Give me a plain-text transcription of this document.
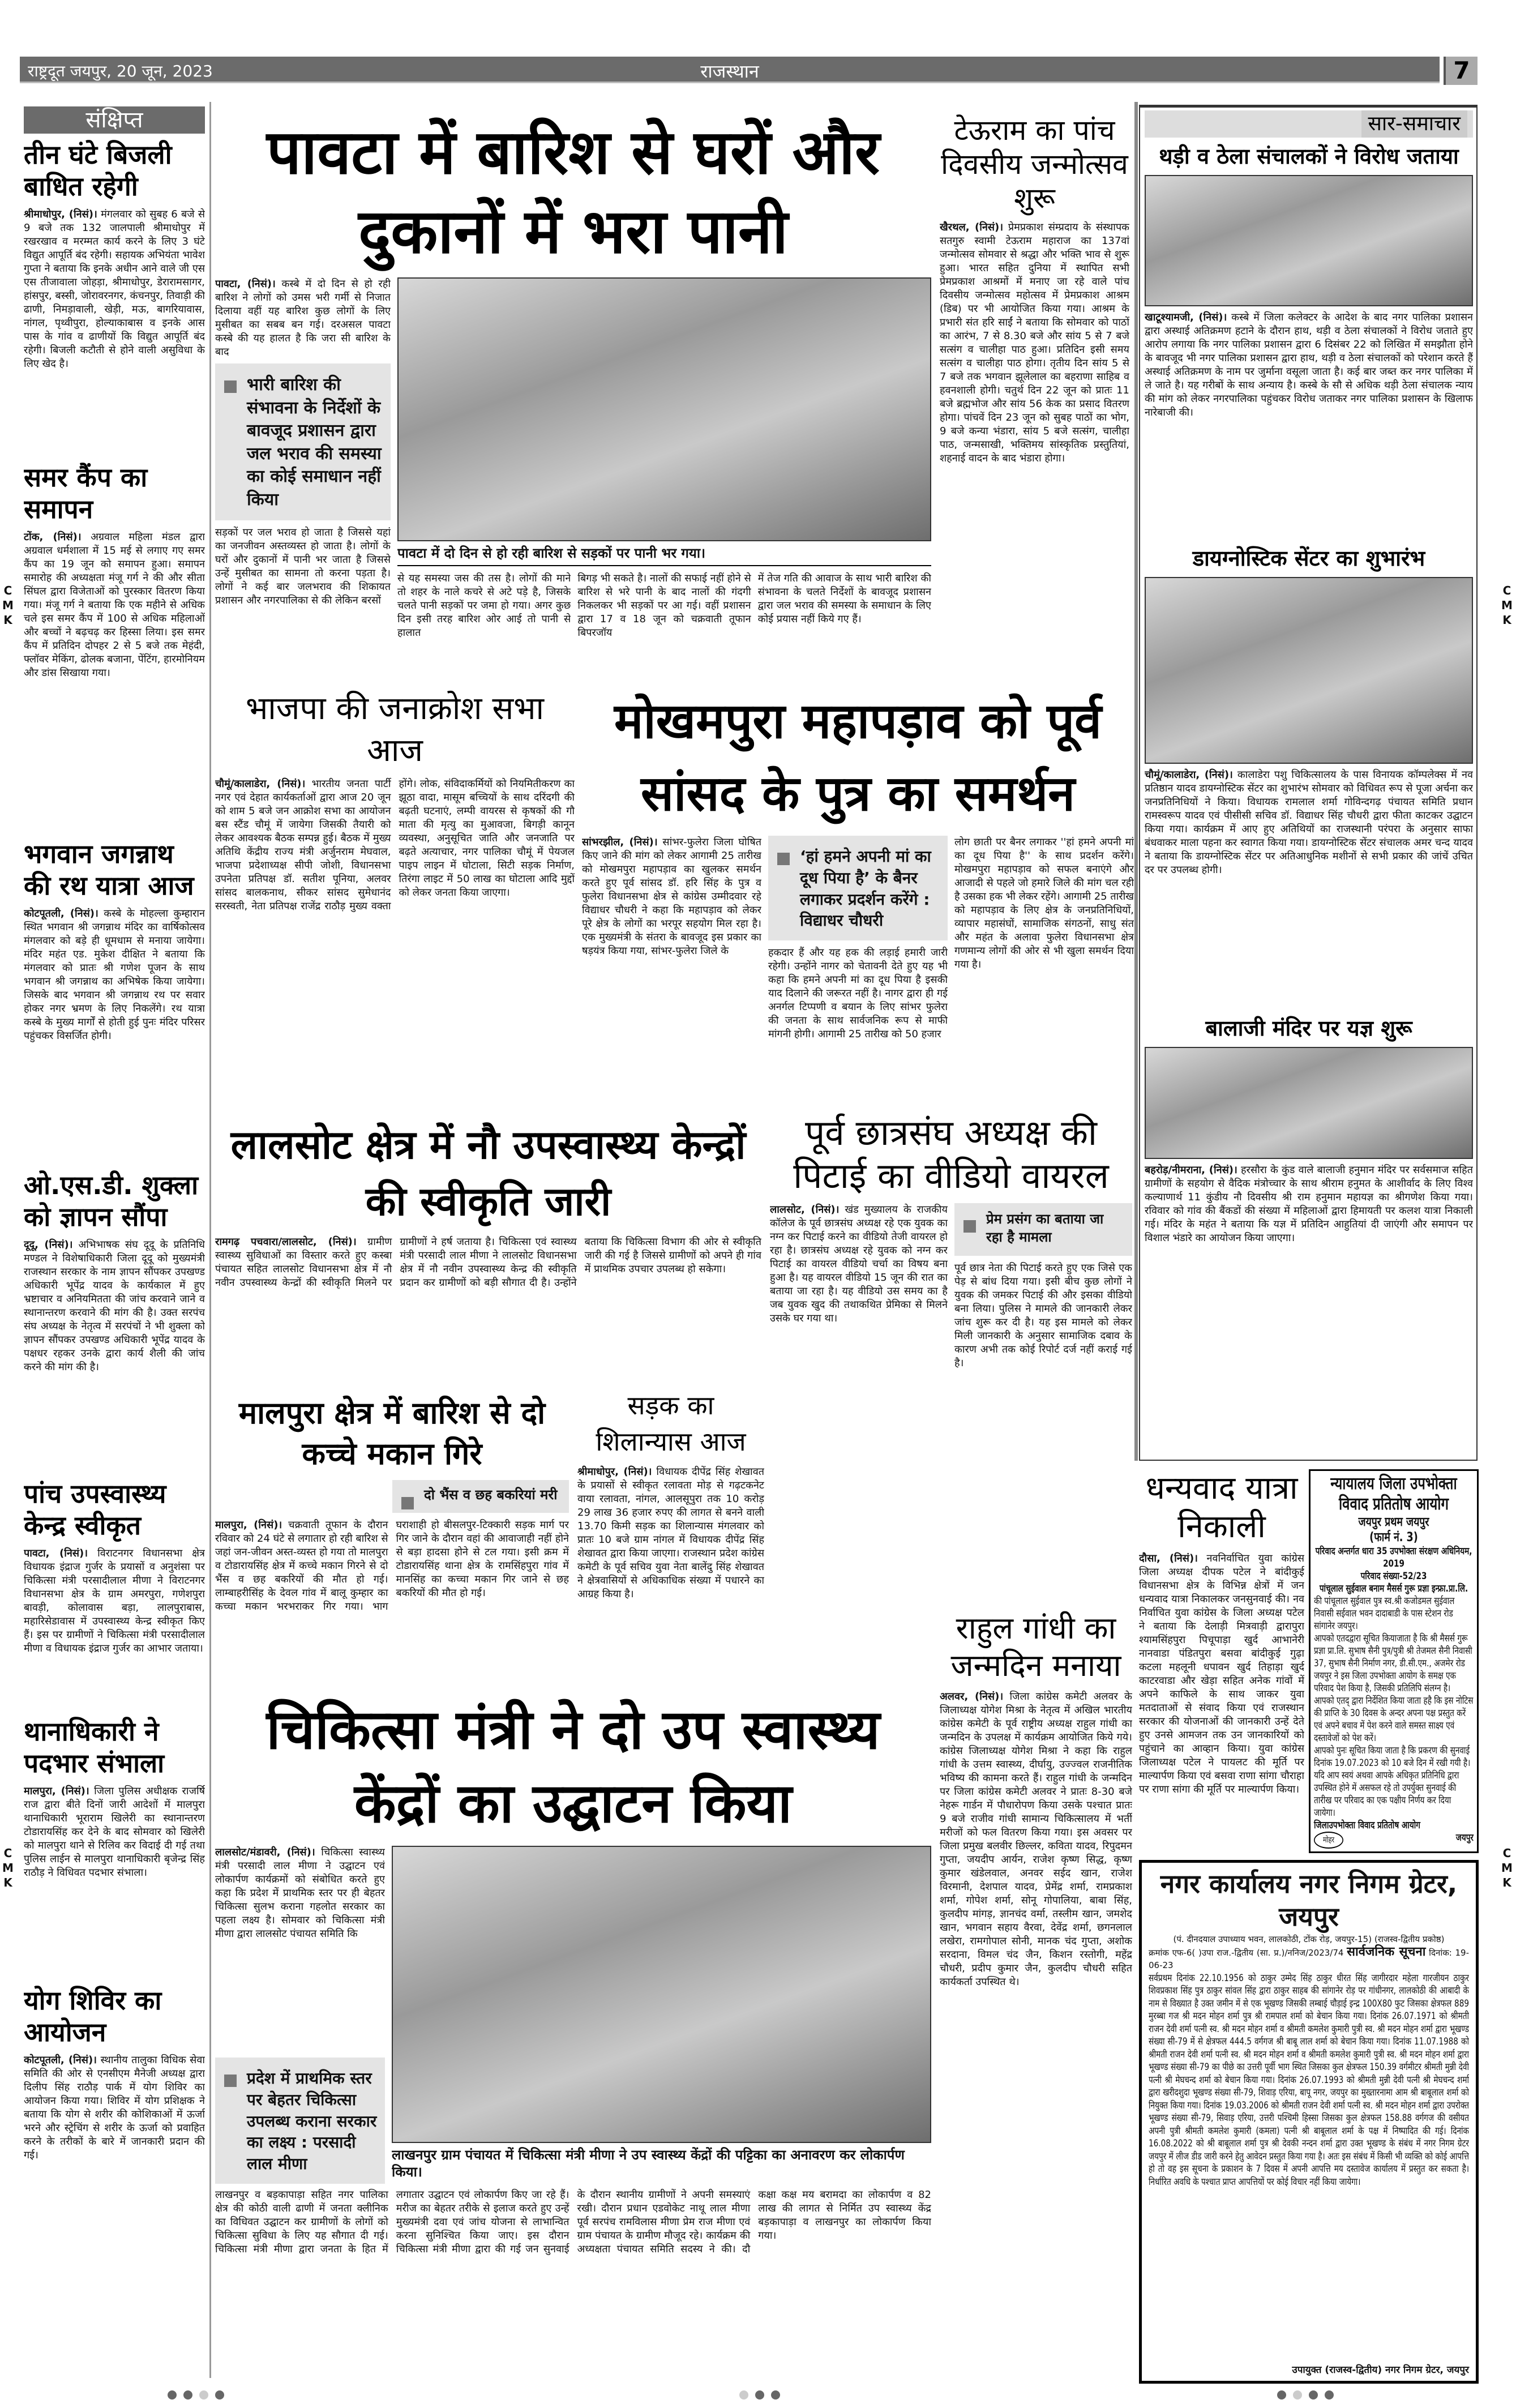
राष्ट्रदूत जयपुर, 20 जून, 2023	राजस्थान	7
C
M
K
C
M
K
C
M
K
C
M
K
संक्षिप्त
तीन घंटे बिजली बाधित रहेगी
श्रीमाधोपुर, (निसं)। मंगलवार को सुबह 6 बजे से 9 बजे तक 132 जालपाली श्रीमाधोपुर में रखरखाव व मरम्मत कार्य करने के लिए 3 घंटे विद्युत आपूर्ति बंद रहेगी। सहायक अभियंता भावेश गुप्ता ने बताया कि इनके अधीन आने वाले जी एस एस तीजावाला जोहड़ा, श्रीमाधोपुर, डेरारामसागर, हांसपुर, बस्सी, जोरावरनगर, कंचनपुर, तिवाड़ी की ढाणी, निमड़ावाली, खेड़ी, मऊ, बागरियावास, नांगल, पृथ्वीपुरा, होल्याकाबास व इनके आस पास के गांव व ढाणीयों कि विद्युत आपूर्ति बंद रहेगी। बिजली कटौती से होने वाली असुविधा के लिए खेद है।
समर कैंप का समापन
टोंक, (निसं)। अग्रवाल महिला मंडल द्वारा अग्रवाल धर्मशाला में 15 मई से लगाए गए समर कैंप का 19 जून को समापन हुआ। समापन समारोह की अध्यक्षता मंजू गर्ग ने की और सीता सिंघल द्वारा विजेताओं को पुरस्कार वितरण किया गया। मंजू गर्ग ने बताया कि एक महीने से अधिक चले इस समर कैंप में 100 से अधिक महिलाओं और बच्चों ने बढ़चढ़ कर हिस्सा लिया। इस समर कैंप में प्रतिदिन दोपहर 2 से 5 बजे तक मेहंदी, फ्लॉवर मेकिंग, ढोलक बजाना, पेंटिंग, हारमोनियम और डांस सिखाया गया।
भगवान जगन्नाथ की रथ यात्रा आज
कोटपूतली, (निसं)। कस्बे के मोहल्ला कुम्हारान स्थित भगवान श्री जगन्नाथ मंदिर का वार्षिकोत्सव मंगलवार को बड़े ही धूमधाम से मनाया जायेगा। मंदिर महंत एड. मुकेश दीक्षित ने बताया कि मंगलवार को प्रातः श्री गणेश पूजन के साथ भगवान श्री जगन्नाथ का अभिषेक किया जायेगा। जिसके बाद भगवान श्री जगन्नाथ रथ पर सवार होकर नगर भ्रमण के लिए निकलेंगे। रथ यात्रा कस्बे के मुख्य मार्गों से होती हुई पुनः मंदिर परिसर पहुंचकर विसर्जित होगी।
ओ.एस.डी. शुक्ला को ज्ञापन सौंपा
दूदू, (निसं)। अभिभाषक संघ दूदू के प्रतिनिधि मण्डल ने विशेषाधिकारी जिला दूदू को मुख्यमंत्री राजस्थान सरकार के नाम ज्ञापन सौंपकर उपखण्ड अधिकारी भूपेंद्र यादव के कार्यकाल में हुए भ्रष्टाचार व अनियमितता की जांच करवाने जाने व स्थानान्तरण करवाने की मांग की है। उक्त सरपंच संघ अध्यक्ष के नेतृत्व में सरपंचों ने भी शुक्ला को ज्ञापन सौंपकर उपखण्ड अधिकारी भूपेंद्र यादव के पक्षधर रहकर उनके द्वारा कार्य शैली की जांच करने की मांग की है।
पांच उपस्वास्थ्य केन्द्र स्वीकृत
पावटा, (निसं)। विराटनगर विधानसभा क्षेत्र विधायक इंद्राज गुर्जर के प्रयासों व अनुशंसा पर चिकित्सा मंत्री परसादीलाल मीणा ने विराटनगर विधानसभा क्षेत्र के ग्राम अमरपुरा, गणेशपुरा बावड़ी, कोलावास बड़ा, लालपुराबास, महारिसेडावास में उपस्वास्थ्य केन्द्र स्वीकृत किए हैं। इस पर ग्रामीणों ने चिकित्सा मंत्री परसादीलाल मीणा व विधायक इंद्राज गुर्जर का आभार जताया।
थानाधिकारी ने पदभार संभाला
मालपुरा, (निसं)। जिला पुलिस अधीक्षक राजर्षि राज द्वारा बीते दिनों जारी आदेशों में मालपुरा थानाधिकारी भूराराम खिलेरी का स्थानान्तरण टोडारायसिंह कर देने के बाद सोमवार को खिलेरी को मालपुरा थाने से रिलिव कर विदाई दी गई तथा पुलिस लाईन से मालपुरा थानाधिकारी बृजेन्द्र सिंह राठौड़ ने विधिवत पदभार संभाला।
योग शिविर का आयोजन
कोटपूतली, (निसं)। स्थानीय तालुका विधिक सेवा समिति की ओर से एनसीएम मैनेजी अध्यक्ष द्वारा दिलीप सिंह राठौड़ पार्क में योग शिविर का आयोजन किया गया। शिविर में योग प्रशिक्षक ने बताया कि योग से शरीर की कोशिकाओं में ऊर्जा भरने और स्ट्रेचिंग से शरीर के ऊर्जा को प्रवाहित करने के तरीकों के बारे में जानकारी प्रदान की गई।
पावटा में बारिश से घरों और
दुकानों में भरा पानी
पावटा, (निसं)। कस्बे में दो दिन से हो रही बारिश ने लोगों को उमस भरी गर्मी से निजात दिलाया वहीं यह बारिश कुछ लोगों के लिए मुसीबत का सबब बन गई। दरअसल पावटा कस्बे की यह हालत है कि जरा सी बारिश के बाद
भारी बारिश की संभावना के निर्देशों के बावजूद प्रशासन द्वारा जल भराव की समस्या का कोई समाधान नहीं किया
सड़कों पर जल भराव हो जाता है जिससे यहां का जनजीवन अस्तव्यस्त हो जाता है। लोगों के घरों और दुकानों में पानी भर जाता है जिससे उन्हें मुसीबत का सामना तो करना पड़ता है। लोगों ने कई बार जलभराव की शिकायत प्रशासन और नगरपालिका से की लेकिन बरसों
पावटा में दो दिन से हो रही बारिश से सड़कों पर पानी भर गया।
से यह समस्या जस की तस है। लोगों की माने तो शहर के नाले कचरे से अटे पड़े है, जिसके चलते पानी सड़कों पर जमा हो गया। अगर कुछ दिन इसी तरह बारिश ओर आई तो पानी से हालात
बिगड़ भी सकते है। नालों की सफाई नहीं होने से बारिश से भरे पानी के बाद नालों की गंदगी निकलकर भी सड़कों पर आ गई। वहीं प्रशासन द्वारा 17 व 18 जून को चक्रवाती तूफान बिपरजॉय
में तेज गति की आवाज के साथ भारी बारिश की संभावना के चलते निर्देशों के बावजूद प्रशासन द्वारा जल भराव की समस्या के समाधान के लिए कोई प्रयास नहीं किये गए हैं।
टेऊराम का पांच दिवसीय जन्मोत्सव शुरू
खैरथल, (निसं)। प्रेमप्रकाश संम्प्रदाय के संस्थापक सतगुरु स्वामी टेऊराम महाराज का 137वां जन्मोत्सव सोमवार से श्रद्धा और भक्ति भाव से शुरू हुआ। भारत सहित दुनिया में स्थापित सभी प्रेमप्रकाश आश्रमों में मनाए जा रहे वाले पांच दिवसीय जन्मोत्सव महोत्सव में प्रेमप्रकाश आश्रम (डिब) पर भी आयोजित किया गया। आश्रम के प्रभारी संत हरि साईं ने बताया कि सोमवार को पाठों का आरंभ, 7 से 8.30 बजे और सांय 5 से 7 बजे सत्संग व चालीहा पाठ हुआ। प्रतिदिन इसी समय सत्संग व चालीहा पाठ होगा। तृतीय दिन सांय 5 से 7 बजे तक भगवान झूलेलाल का बहराणा साहिब व हवनशाली होगी। चतुर्थ दिन 22 जून को प्रातः 11 बजे ब्रह्मभोज और सांय 56 केक का प्रसाद वितरण होगा। पांचवें दिन 23 जून को सुबह पाठों का भोग, 9 बजे कन्या भंडारा, सांय 5 बजे सत्संग, चालीहा पाठ, जन्मसाखी, भक्तिमय सांस्कृतिक प्रस्तुतियां, शहनाई वादन के बाद भंडारा होगा।
सार-समाचार
थड़ी व ठेला संचालकों ने विरोध जताया
खाटूश्यामजी, (निसं)। कस्बे में जिला कलेक्टर के आदेश के बाद नगर पालिका प्रशासन द्वारा अस्थाई अतिक्रमण हटाने के दौरान हाथ, थड़ी व ठेला संचालकों ने विरोध जताते हुए आरोप लगाया कि नगर पालिका प्रशासन द्वारा 6 दिसंबर 22 को लिखित में समझौता होने के बावजूद भी नगर पालिका प्रशासन द्वारा हाथ, थड़ी व ठेला संचालकों को परेशान करते हैं अस्थाई अतिक्रमण के नाम पर जुर्माना वसूला जाता है। कई बार जब्त कर नगर पालिका में ले जाते है। यह गरीबों के साथ अन्याय है। कस्बे के सौ से अधिक थड़ी ठेला संचालक न्याय की मांग को लेकर नगरपालिका पहुंचकर विरोध जताकर नगर पालिका प्रशासन के खिलाफ नारेबाजी की।
डायग्नोस्टिक सेंटर का शुभारंभ
चौमूं/कालाडेरा, (निसं)। कालाडेरा पशु चिकित्सालय के पास विनायक कॉम्पलेक्स में नव प्रतिष्ठान यादव डायग्नोस्टिक सेंटर का शुभारंभ सोमवार को विधिवत रूप से पूजा अर्चना कर जनप्रतिनिधियों ने किया। विधायक रामलाल शर्मा गोविन्दगढ़ पंचायत समिति प्रधान रामस्वरूप यादव एवं पीसीसी सचिव डॉ. विद्याधर सिंह चौधरी द्वारा फीता काटकर उद्घाटन किया गया। कार्यक्रम में आए हुए अतिथियों का राजस्थानी परंपरा के अनुसार साफा बंधवाकर माला पहना कर स्वागत किया गया। डायग्नोस्टिक सेंटर संचालक अमर चन्द यादव ने बताया कि डायग्नोस्टिक सेंटर पर अतिआधुनिक मशीनों से सभी प्रकार की जांचें उचित दर पर उपलब्ध होगी।
बालाजी मंदिर पर यज्ञ शुरू
बहरोड़/नीमराना, (निसं)। हरसौरा के कुंड वाले बालाजी हनुमान मंदिर पर सर्वसमाज सहित ग्रामीणों के सहयोग से वैदिक मंत्रोच्चार के साथ श्रीराम हनुमत के आशीर्वाद के लिए विश्व कल्याणार्थ 11 कुंडीय नौ दिवसीय श्री राम हनुमान महायज्ञ का श्रीगणेश किया गया। रविवार को गांव की बैंकडों की संख्या में महिलाओं द्वारा हिमायती पर कलश यात्रा निकाली गई। मंदिर के महंत ने बताया कि यज्ञ में प्रतिदिन आहुतियां दी जाएंगी और समापन पर विशाल भंडारे का आयोजन किया जाएगा।
भाजपा की जनाक्रोश सभा आज
चौमूं/कालाडेरा, (निसं)। भारतीय जनता पार्टी नगर एवं देहात कार्यकर्ताओं द्वारा आज 20 जून को शाम 5 बजे जन आक्रोश सभा का आयोजन बस स्टैंड चौमूं में जायेगा जिसकी तैयारी को लेकर आवश्यक बैठक सम्पन्न हुई। बैठक में मुख्य अतिथि केंद्रीय राज्य मंत्री अर्जुनराम मेघवाल, भाजपा प्रदेशाध्यक्ष सीपी जोशी, विधानसभा उपनेता प्रतिपक्ष डॉ. सतीश पूनिया, अलवर सांसद बालकनाथ, सीकर सांसद सुमेधानंद सरस्वती, नेता प्रतिपक्ष राजेंद्र राठौड़ मुख्य वक्ता होंगे। लोक, संविदाकर्मियों को नियमितीकरण का झूठा वादा, मासूम बच्चियों के साथ दरिंदगी की बढ़ती घटनाएं, लम्पी वायरस से कृषकों की गौ माता की मृत्यु का मुआवजा, बिगड़ी कानून व्यवस्था, अनुसूचित जाति और जनजाति पर बढ़ते अत्याचार, नगर पालिका चौमूं में पेयजल पाइप लाइन में घोटाला, सिटी सड़क निर्माण, तिरंगा लाइट में 50 लाख का घोटाला आदि मुद्दों को लेकर जनता किया जाएगा।
मोखमपुरा महापड़ाव को पूर्व
सांसद के पुत्र का समर्थन
सांभरझील, (निसं)। सांभर-फुलेरा जिला घोषित किए जाने की मांग को लेकर आगामी 25 तारीख को मोखमपुरा महापड़ाव का खुलकर समर्थन करते हुए पूर्व सांसद डॉ. हरि सिंह के पुत्र व फुलेरा विधानसभा क्षेत्र से कांग्रेस उम्मीदवार रहे विद्याधर चौधरी ने कहा कि महापड़ाव को लेकर पूरे क्षेत्र के लोगों का भरपूर सहयोग मिल रहा है। एक मुख्यमंत्री के संतरा के बावजूद इस प्रकार का षड़यंत्र किया गया, सांभर-फुलेरा जिले के
‘हां हमने अपनी मां का दूध पिया है’ के बैनर लगाकर प्रदर्शन करेंगे : विद्याधर चौधरी
हकदार हैं और यह हक की लड़ाई हमारी जारी रहेगी। उन्होंने नागर को चेतावनी देते हुए यह भी कहा कि हमने अपनी मां का दूध पिया है इसकी याद दिलाने की जरूरत नहीं है। नागर द्वारा ही गई अनर्गल टिप्पणी व बयान के लिए सांभर फुलेरा की जनता के साथ सार्वजनिक रूप से माफी मांगनी होगी। आगामी 25 तारीख को 50 हजार
लोग छाती पर बैनर लगाकर ''हां हमने अपनी मां का दूध पिया है'' के साथ प्रदर्शन करेंगे। मोखमपुरा महापड़ाव को सफल बनाएंगे और आजादी से पहले जो हमारे जिले की मांग चल रही है उसका हक भी लेकर रहेंगे। आगामी 25 तारीख को महापड़ाव के लिए क्षेत्र के जनप्रतिनिधियों, व्यापार महासंघों, सामाजिक संगठनों, साधु संत और महंत के अलावा फुलेरा विधानसभा क्षेत्र गणमान्य लोगों की ओर से भी खुला समर्थन दिया गया है।
लालसोट क्षेत्र में नौ उपस्वास्थ्य केन्द्रों की स्वीकृति जारी
रामगढ़ पचवारा/लालसोट, (निसं)। ग्रामीण स्वास्थ्य सुविधाओं का विस्तार करते हुए कस्बा पंचायत सहित लालसोट विधानसभा क्षेत्र में नौ नवीन उपस्वास्थ्य केन्द्रों की स्वीकृति मिलने पर ग्रामीणों ने हर्ष जताया है। चिकित्सा एवं स्वास्थ्य मंत्री परसादी लाल मीणा ने लालसोट विधानसभा क्षेत्र में नौ नवीन उपस्वास्थ्य केन्द्र की स्वीकृति प्रदान कर ग्रामीणों को बड़ी सौगात दी है। उन्होंने बताया कि चिकित्सा विभाग की ओर से स्वीकृति जारी की गई है जिससे ग्रामीणों को अपने ही गांव में प्राथमिक उपचार उपलब्ध हो सकेगा।
पूर्व छात्रसंघ अध्यक्ष की पिटाई का वीडियो वायरल
लालसोट, (निसं)। खंड मुख्यालय के राजकीय कॉलेज के पूर्व छात्रसंघ अध्यक्ष रहे एक युवक का नग्न कर पिटाई करने का वीडियो तेजी वायरल हो रहा है। छात्रसंघ अध्यक्ष रहे युवक को नग्न कर पिटाई का वायरल वीडियो चर्चा का विषय बना हुआ है। यह वायरल वीडियो 15 जून की रात का बताया जा रहा है। यह वीडियो उस समय का है जब युवक खुद की तथाकथित प्रेमिका से मिलने उसके घर गया था।
प्रेम प्रसंग का बताया जा रहा है मामला
पूर्व छात्र नेता की पिटाई करते हुए एक जिसे एक पेड़ से बांध दिया गया। इसी बीच कुछ लोगों ने युवक की जमकर पिटाई की और इसका वीडियो बना लिया। पुलिस ने मामले की जानकारी लेकर जांच शुरू कर दी है। यह इस मामले को लेकर मिली जानकारी के अनुसार सामाजिक दबाव के कारण अभी तक कोई रिपोर्ट दर्ज नहीं कराई गई है।
मालपुरा क्षेत्र में बारिश से दो कच्चे मकान गिरे
दो भैंस व छह बकरियां मरी
मालपुरा, (निसं)। चक्रवाती तूफान के दौरान रविवार को 24 घंटे से लगातार हो रही बारिश से जहां जन-जीवन अस्त-व्यस्त हो गया तो मालपुरा व टोडारायसिंह क्षेत्र में कच्चे मकान गिरने से दो भैंस व छह बकरियों की मौत हो गई। लाम्बाहरीसिंह के देवल गांव में बालू कुम्हार का कच्चा मकान भरभराकर गिर गया। भाग घराशाही हो बीसलपुर-टिक्कारी सड़क मार्ग पर गिर जाने के दौरान वहां की आवाजाही नहीं होने से बड़ा हादसा होने से टल गया। इसी क्रम में टोडारायसिंह थाना क्षेत्र के रामसिंहपुरा गांव में मानसिंह का कच्चा मकान गिर जाने से छह बकरियों की मौत हो गई।
सड़क का शिलान्यास आज
श्रीमाधोपुर, (निसं)। विधायक दीपेंद्र सिंह शेखावत के प्रयासों से स्वीकृत रलावता मोड़ से गढ़टकनेट वाया रलावता, नांगल, आलसूपुरा तक 10 करोड़ 29 लाख 36 हजार रुपए की लागत से बनने वाली 13.70 किमी सड़क का शिलान्यास मंगलवार को प्रातः 10 बजे ग्राम नांगल में विधायक दीपेंद्र सिंह शेखावत द्वारा किया जाएगा। राजस्थान प्रदेश कांग्रेस कमेटी के पूर्व सचिव युवा नेता बालेंदु सिंह शेखावत ने क्षेत्रवासियों से अधिकाधिक संख्या में पधारने का आग्रह किया है।
चिकित्सा मंत्री ने दो उप स्वास्थ्य
केंद्रों का उद्घाटन किया
लालसोट/मंडावरी, (निसं)। चिकित्सा स्वास्थ्य मंत्री परसादी लाल मीणा ने उद्घाटन एवं लोकार्पण कार्यक्रमों को संबोधित करते हुए कहा कि प्रदेश में प्राथमिक स्तर पर ही बेहतर चिकित्सा सुलभ कराना गहलोत सरकार का पहला लक्ष्य है। सोमवार को चिकित्सा मंत्री मीणा द्वारा लालसोट पंचायत समिति कि
प्रदेश में प्राथमिक स्तर पर बेहतर चिकित्सा उपलब्ध कराना सरकार का लक्ष्य : परसादी लाल मीणा	लाखनपुर ग्राम पंचायत में चिकित्सा मंत्री मीणा ने उप स्वास्थ्य केंद्रों की पट्टिका का अनावरण कर लोकार्पण किया।
लाखनपुर व बड़कापाड़ा सहित नगर पालिका क्षेत्र की कोठी वाली ढाणी में जनता क्लीनिक का विधिवत उद्घाटन कर ग्रामीणों के लोगों को चिकित्सा सुविधा के लिए यह सौगात दी गई। चिकित्सा मंत्री मीणा द्वारा जनता के हित में लगातार उद्घाटन एवं लोकार्पण किए जा रहे हैं। मरीज का बेहतर तरीके से इलाज करते हुए उन्हें मुख्यमंत्री दवा एवं जांच योजना से लाभान्वित करना सुनिश्चित किया जाए। इस दौरान चिकित्सा मंत्री मीणा द्वारा की गई जन सुनवाई के दौरान स्थानीय ग्रामीणों ने अपनी समस्याएं रखी। दौरान प्रधान एडवोकेट नाथू लाल मीणा पूर्व सरपंच रामविलास मीणा प्रेम राज मीणा एवं ग्राम पंचायत के ग्रामीण मौजूद रहे। कार्यक्रम की अध्यक्षता पंचायत समिति सदस्य ने की। दौ कक्षा कक्ष मय बरामदा का लोकार्पण व 82 लाख की लागत से निर्मित उप स्वास्थ्य केंद्र बड़कापाड़ा व लाखनपुर का लोकार्पण किया गया।
राहुल गांधी का जन्मदिन मनाया
अलवर, (निसं)। जिला कांग्रेस कमेटी अलवर के जिलाध्यक्ष योगेश मिश्रा के नेतृत्व में अखिल भारतीय कांग्रेस कमेटी के पूर्व राष्ट्रीय अध्यक्ष राहुल गांधी का जन्मदिन के उपलक्ष में कार्यक्रम आयोजित किये गये। कांग्रेस जिलाध्यक्ष योगेश मिश्रा ने कहा कि राहुल गांधी के उत्तम स्वास्थ्य, दीर्घायु, उज्ज्वल राजनीतिक भविष्य की कामना करते हैं। राहुल गांधी के जन्मदिन पर जिला कांग्रेस कमेटी अलवर ने प्रातः 8-30 बजे नेहरू गार्डन में पौधारोपण किया उसके पश्चात प्रातः 9 बजे राजीव गांधी सामान्य चिकित्सालय में भर्ती मरीजों को फल वितरण किया गया। इस अवसर पर जिला प्रमुख बलवीर छिल्लर, कविता यादव, रिपुदमन गुप्ता, जयदीप आर्यन, राजेश कृष्ण सिद्ध, कृष्ण कुमार खंडेलवाल, अनवर सईद खान, राजेश विरमानी, देशपाल यादव, प्रेमेंद्र शर्मा, रामप्रकाश शर्मा, गोपेश शर्मा, सोनू गोपालिया, बाबा सिंह, कुलदीप मांगड़, ज्ञानचंद वर्मा, तस्लीम खान, जमशेद खान, भगवान सहाय वैरवा, देवेंद्र शर्मा, छगनलाल लखेरा, रामगोपाल सोनी, मानक चंद गुप्ता, अशोक सरदाना, विमल चंद जैन, किशन रस्तोगी, महेंद्र चौधरी, प्रदीप कुमार जैन, कुलदीप चौधरी सहित कार्यकर्ता उपस्थित थे।
धन्यवाद यात्रा निकाली
दौसा, (निसं)। नवनिर्वाचित युवा कांग्रेस जिला अध्यक्ष दीपक पटेल ने बांदीकुई विधानसभा क्षेत्र के विभिन्न क्षेत्रों में जन धन्यवाद यात्रा निकालकर जनसुनवाई की। नव निर्वाचित युवा कांग्रेस के जिला अध्यक्ष पटेल ने बताया कि देलाड़ी मित्रवाड़ी द्वारापुरा श्यामसिंहपुरा पिचूपाड़ा खुर्द आभानेरी नानवाडा पंडितपुरा बसवा बांदीकुई गुढ़ा कटला महलूनी धपावन खुर्द तिहाड़ा खुर्द काटरवाडा और खेड़ा सहित अनेक गांवों में अपने काफिले के साथ जाकर युवा मतदाताओं से संवाद किया एवं राजस्थान सरकार की योजनाओं की जानकारी उन्हें देते हुए उनसे आमजन तक उन जानकारियों को पहुंचाने का आव्हान किया। युवा कांग्रेस जिलाध्यक्ष पटेल ने पायलट की मूर्ति पर माल्यार्पण किया एवं बसवा राणा सांगा चौराहा पर राणा सांगा की मूर्ति पर माल्यार्पण किया।
न्यायालय जिला उपभोक्ता
विवाद प्रतितोष आयोग
जयपुर प्रथम जयपुर
(फार्म नं. 3)
परिवाद अन्तर्गत धारा 35 उपभोक्ता संरक्षण अधिनियम, 2019
परिवाद संख्या-52/23
पांचूलाल सुईवाल बनाम मैसर्स गुरू प्रज्ञा इन्फ्रा.प्रा.लि.
की पांचूलाल सुईवाल पुत्र स्व.श्री कजोडमल सुईवाल निवासी सईवाल भवन दादाबाडी के पास स्टेशन रोड सांगानेर जयपुर।
आपको एतदद्वारा सूचित कियाजाता है कि श्री मैसर्स गुरू प्रज्ञा प्रा.लि. सुभाष सैनी पुत्र/पुत्री श्री तेजमल सैनी निवासी 37, सुभाष सैनी निर्माण नगर, डी.सी.एम., अजमेर रोड जयपुर ने इस जिला उपभोक्ता आयोग के समक्ष एक परिवाद पेश किया है, जिसकी प्रतिलिपि संलग्न है।
आपको एतद् द्वारा निर्देशित किया जाता हहै कि इस नोटिस की प्राप्ति के 30 दिवस के अन्दर अपना पक्ष प्रस्तुत करें एवं अपने बचाव में पेश करने वाले समस्त साक्ष्य एवं दस्तावेजों को पेश करें।
आपको पुनः सूचित किया जाता है कि प्रकरण की सुनवाई दिनांक 19.07.2023 को 10 बजे दिन में रखी गयी है। यदि आप स्वयं अथवा आपके अधिकृत प्रतिनिधि द्वारा उपस्थित होने में असफल रहे तो उपर्युक्त सुनवाई की तारीख पर परिवाद का एक पक्षीय निर्णय कर दिया जायेगा।
जिलाउपभोक्ता विवाद प्रतितोष आयोग
मोहर	जयपुर
नगर कार्यालय नगर निगम ग्रेटर, जयपुर
(पं. दीनदयाल उपाध्याय भवन, लालकोठी, टोंक रोड़, जयपुर-15) (राजस्व-द्वितीय प्रकोष्ठ)
क्रमांक एफ-6( )उपा राज.-द्वितीय (सा. प्र.)/ननिज/2023/74 सार्वजनिक सूचना दिनांक: 19-06-23
सर्वप्रथम दिनांक 22.10.1956 को ठाकुर उम्मेद सिंह ठाकुर धीरत सिंह जागीरदार महेला गारजीयन ठाकुर शिवप्रकाश सिंह पुत्र ठाकुर सांवल सिंह द्वारा ठाकुर साहब की सांगानेर रोड़ पर गांधीनगर, लालकोठी की आबादी के नाम से विख्यात है उक्त जमीन में से एक भूखण्ड जिसकी लम्बाई चौड़ाई इन्द्र 100X80 फुट जिसका क्षेत्रफल 889 मुरब्बा गज श्री मदन मोहन शर्मा पुत्र श्री रामपाल शर्मा को बेचान किया गया। दिनांक 26.07.1971 को श्रीमती राजन देवी शर्मा पत्नी स्व. श्री मदन मोहन शर्मा व श्रीमती कमलेश कुमारी पुत्री स्व. श्री मदन मोहन शर्मा द्वारा भूखण्ड संख्या सी-79 में से क्षेत्रफल 444.5 वर्गगज श्री बाबू लाल शर्मा को बेचान किया गया। दिनांक 11.07.1988 को श्रीमती राजन देवी शर्मा पत्नी स्व. श्री मदन मोहन शर्मा व श्रीमती कमलेश कुमारी पुत्री स्व. श्री मदन मोहन शर्मा द्वारा भूखण्ड संख्या सी-79 का पीछे का उत्तरी पूर्वी भाग स्थित जिसका कुल क्षेत्रफल 150.39 वर्गमीटर श्रीमती मुन्नी देवी पत्नी श्री मेघचन्द शर्मा को बेचान किया गया। दिनांक 26.07.1993 को श्रीमती मुन्नी देवी पत्नी श्री मेघचन्द शर्मा द्वारा खरीदशुदा भूखण्ड संख्या सी-79, शिवाड़ एरिया, बापू नगर, जयपुर का मुख्तारनामा आम श्री बाबूलाल शर्मा को नियुक्त किया गया। दिनांक 19.03.2006 को श्रीमती राजन देवी शर्मा पत्नी स्व. श्री मदन मोहन शर्मा द्वारा उपरोक्त भूखण्ड संख्या सी-79, सिवाड़ एरिया, उत्तरी पश्चिमी हिस्सा जिसका कुल क्षेत्रफल 158.88 वर्गगज की वसीयत अपनी पुत्री श्रीमती कमलेश कुमारी (कमला) पत्नी श्री बाबूलाल शर्मा के पक्ष में निष्पादित की गई। दिनांक 16.08.2022 को श्री बाबूलाल शर्मा पुत्र श्री देवकी नन्दन शर्मा द्वारा उक्त भूखण्ड के संबंध में नगर निगम ग्रेटर जयपुर में लीज डीड जारी करने हेतु आवेदन प्रस्तुत किया गया है। अतः इस संबंध में किसी भी व्यक्ति को कोई आपत्ति हो तो वह इस सूचना के प्रकाशन के 7 दिवस में अपनी आपत्ति मय दस्तावेज कार्यालय में प्रस्तुत कर सकता है। निर्धारित अवधि के पश्चात प्राप्त आपत्तियों पर कोई विचार नहीं किया जायेगा।
उपायुक्त (राजस्व-द्वितीय) नगर निगम ग्रेटर, जयपुर
